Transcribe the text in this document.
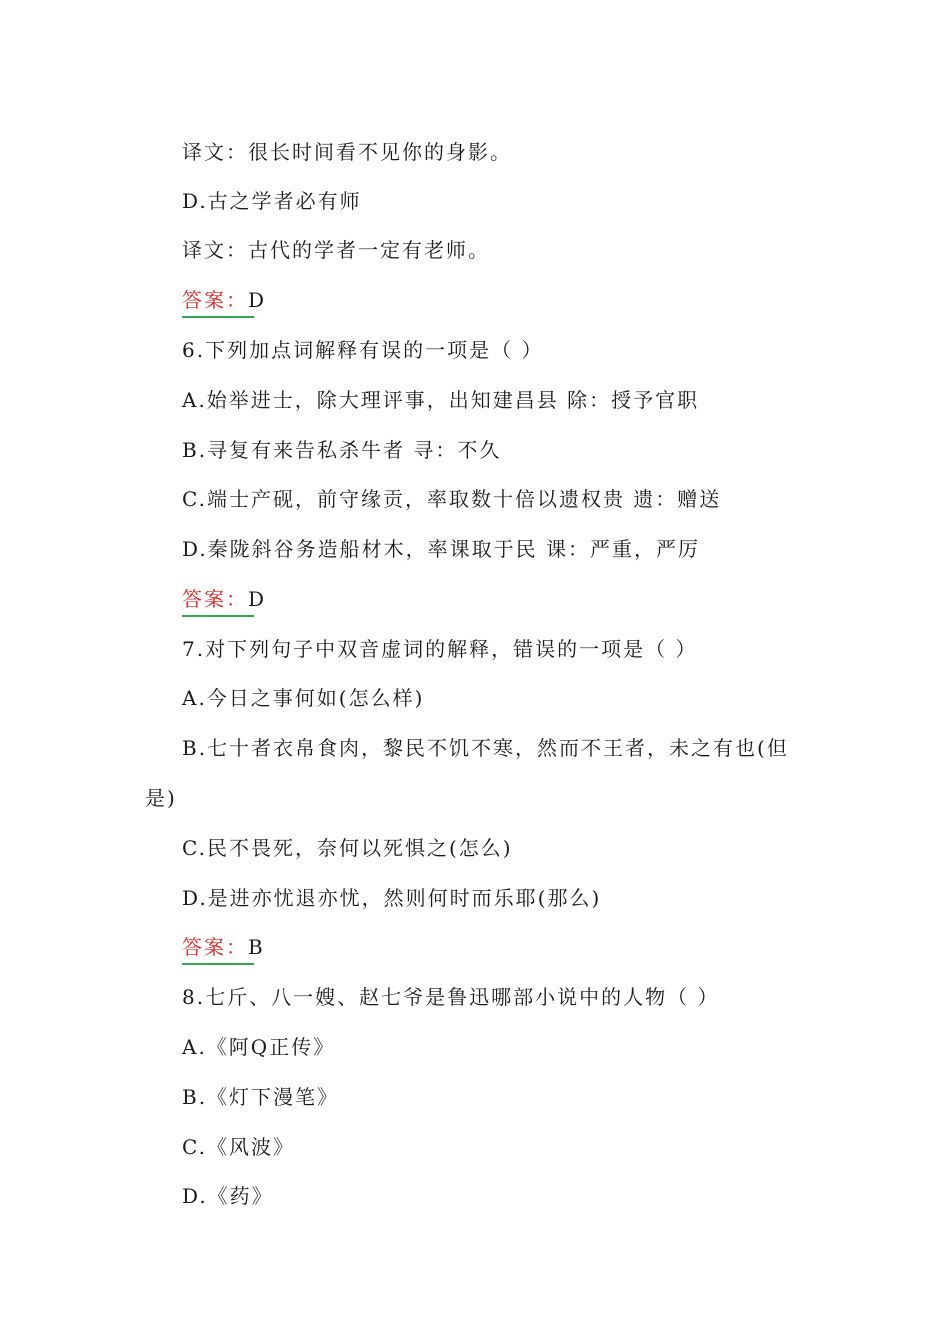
译文：很长时间看不见你的身影。
D.古之学者必有师
译文：古代的学者一定有老师。
答案：D
6.下列加点词解释有误的一项是（ ）
A.始举进士，除大理评事，出知建昌县 除：授予官职
B.寻复有来告私杀牛者 寻：不久
C.端士产砚，前守缘贡，率取数十倍以遗权贵 遗：赠送
D.秦陇斜谷务造船材木，率课取于民 课：严重，严厉
答案：D
7.对下列句子中双音虚词的解释，错误的一项是（ ）
A.今日之事何如(怎么样)
B.七十者衣帛食肉，黎民不饥不寒，然而不王者，未之有也(但
是)
C.民不畏死，奈何以死惧之(怎么)
D.是进亦忧退亦忧，然则何时而乐耶(那么)
答案：B
8.七斤、八一嫂、赵七爷是鲁迅哪部小说中的人物（ ）
A.《阿Q正传》
B.《灯下漫笔》
C.《风波》
D.《药》
